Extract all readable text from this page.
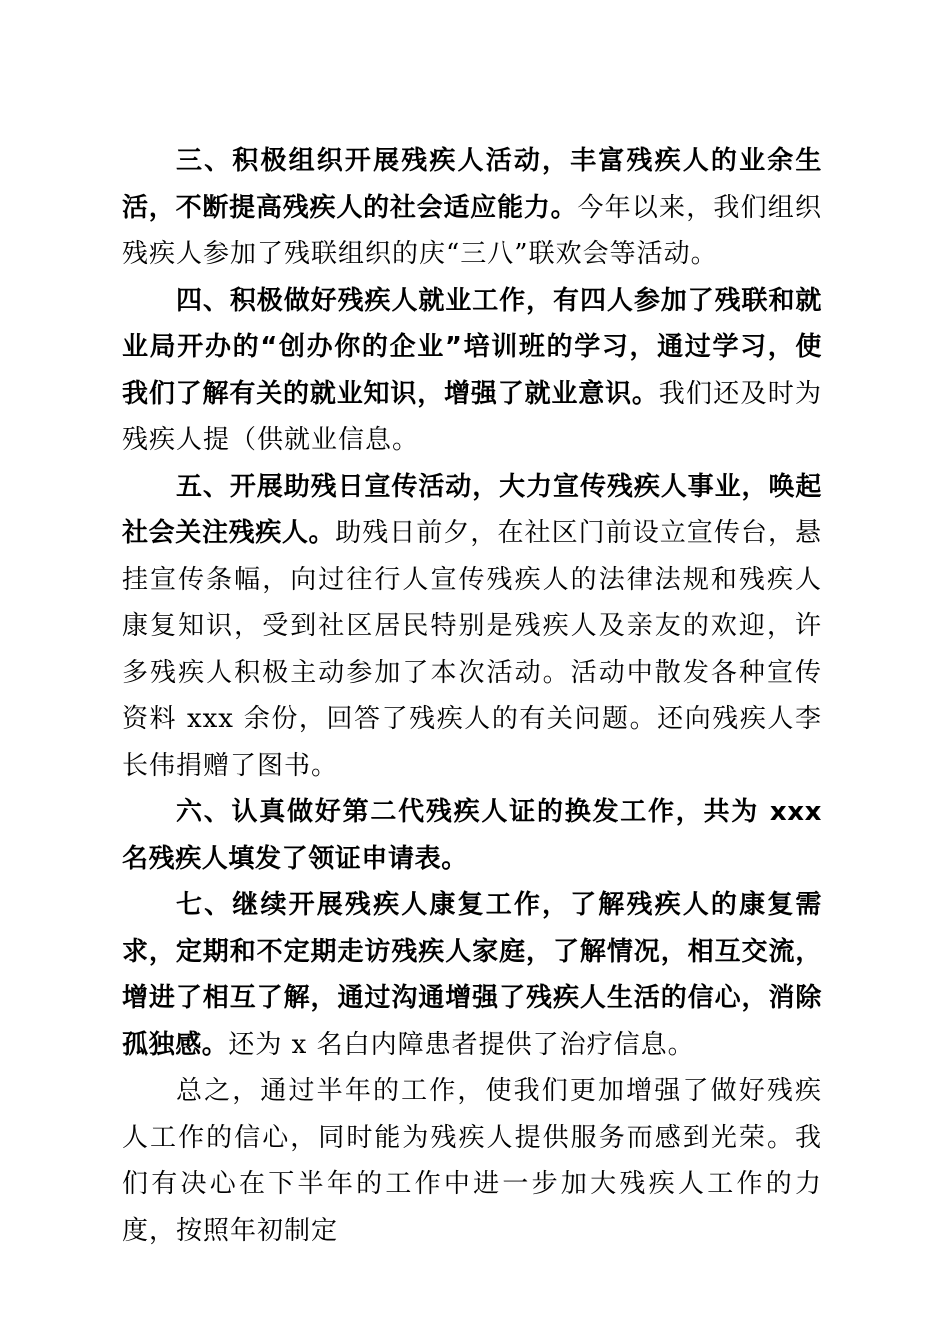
三、积极组织开展残疾人活动，丰富残疾人的业余生活，不断提高残疾人的社会适应能力。今年以来，我们组织残疾人参加了残联组织的庆“三八”联欢会等活动。

四、积极做好残疾人就业工作，有四人参加了残联和就业局开办的“创办你的企业”培训班的学习，通过学习，使我们了解有关的就业知识，增强了就业意识。我们还及时为残疾人提（供就业信息。

五、开展助残日宣传活动，大力宣传残疾人事业，唤起社会关注残疾人。助残日前夕，在社区门前设立宣传台，悬挂宣传条幅，向过往行人宣传残疾人的法律法规和残疾人康复知识，受到社区居民特别是残疾人及亲友的欢迎，许多残疾人积极主动参加了本次活动。活动中散发各种宣传资料 xxx 余份，回答了残疾人的有关问题。还向残疾人李长伟捐赠了图书。

六、认真做好第二代残疾人证的换发工作，共为 xxx 名残疾人填发了领证申请表。

七、继续开展残疾人康复工作，了解残疾人的康复需求，定期和不定期走访残疾人家庭，了解情况，相互交流，增进了相互了解，通过沟通增强了残疾人生活的信心，消除孤独感。还为 x 名白内障患者提供了治疗信息。

总之，通过半年的工作，使我们更加增强了做好残疾人工作的信心，同时能为残疾人提供服务而感到光荣。我们有决心在下半年的工作中进一步加大残疾人工作的力度，按照年初制定
